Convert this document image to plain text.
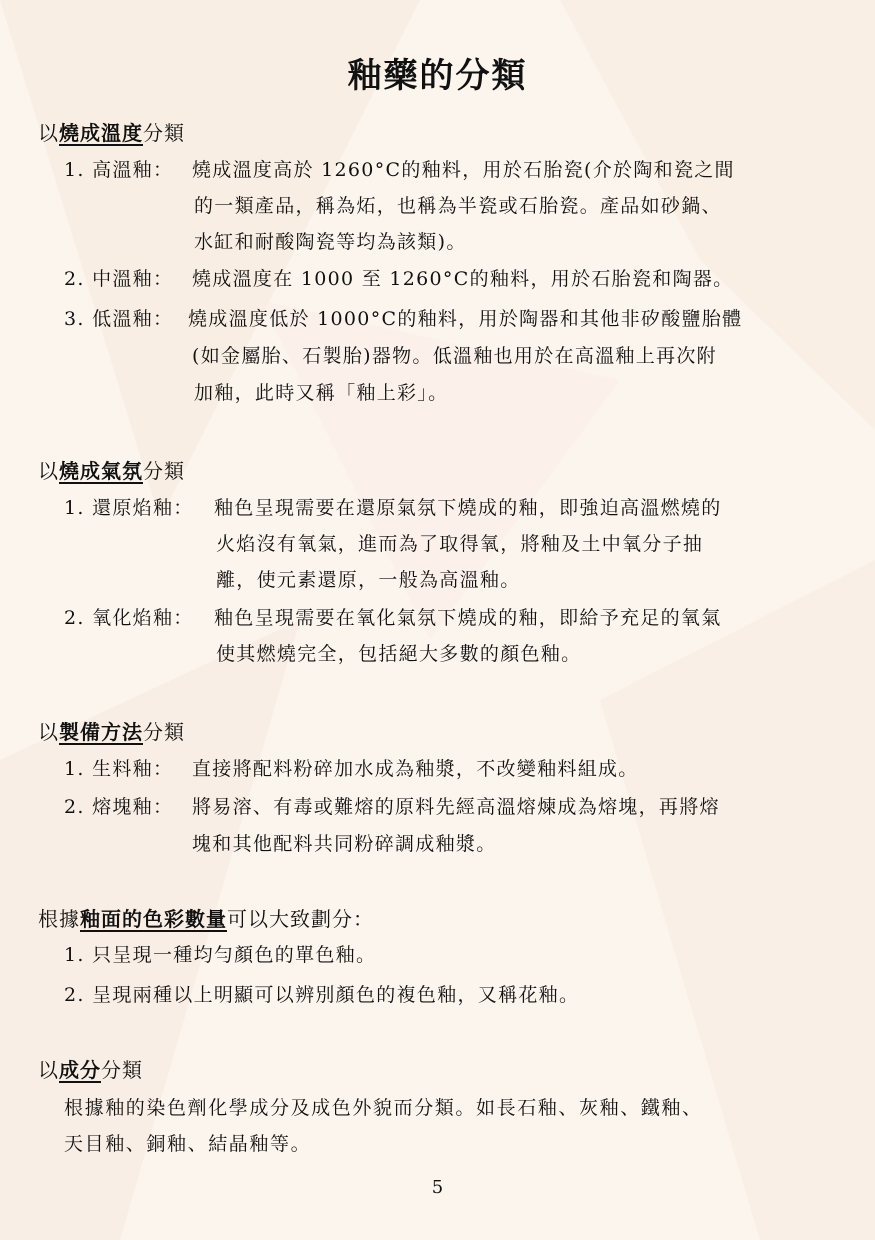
釉藥的分類
以燒成溫度分類
1. 高溫釉： 燒成溫度高於 1260°C的釉料，用於石胎瓷(介於陶和瓷之間
的一類產品，稱為炻，也稱為半瓷或石胎瓷。產品如砂鍋、
水缸和耐酸陶瓷等均為該類)。
2. 中溫釉： 燒成溫度在 1000 至 1260°C的釉料，用於石胎瓷和陶器。
3. 低溫釉： 燒成溫度低於 1000°C的釉料，用於陶器和其他非矽酸鹽胎體
(如金屬胎、石製胎)器物。低溫釉也用於在高溫釉上再次附
加釉，此時又稱「釉上彩」。
以燒成氣氛分類
1. 還原焰釉： 釉色呈現需要在還原氣氛下燒成的釉，即強迫高溫燃燒的
火焰沒有氧氣，進而為了取得氧，將釉及土中氧分子抽
離，使元素還原，一般為高溫釉。
2. 氧化焰釉： 釉色呈現需要在氧化氣氛下燒成的釉，即給予充足的氧氣
使其燃燒完全，包括絕大多數的顏色釉。
以製備方法分類
1. 生料釉： 直接將配料粉碎加水成為釉漿，不改變釉料組成。
2. 熔塊釉： 將易溶、有毒或難熔的原料先經高溫熔煉成為熔塊，再將熔
塊和其他配料共同粉碎調成釉漿。
根據釉面的色彩數量可以大致劃分：
1. 只呈現一種均勻顏色的單色釉。
2. 呈現兩種以上明顯可以辨別顏色的複色釉，又稱花釉。
以成分分類
根據釉的染色劑化學成分及成色外貌而分類。如長石釉、灰釉、鐵釉、
天目釉、銅釉、結晶釉等。
5
